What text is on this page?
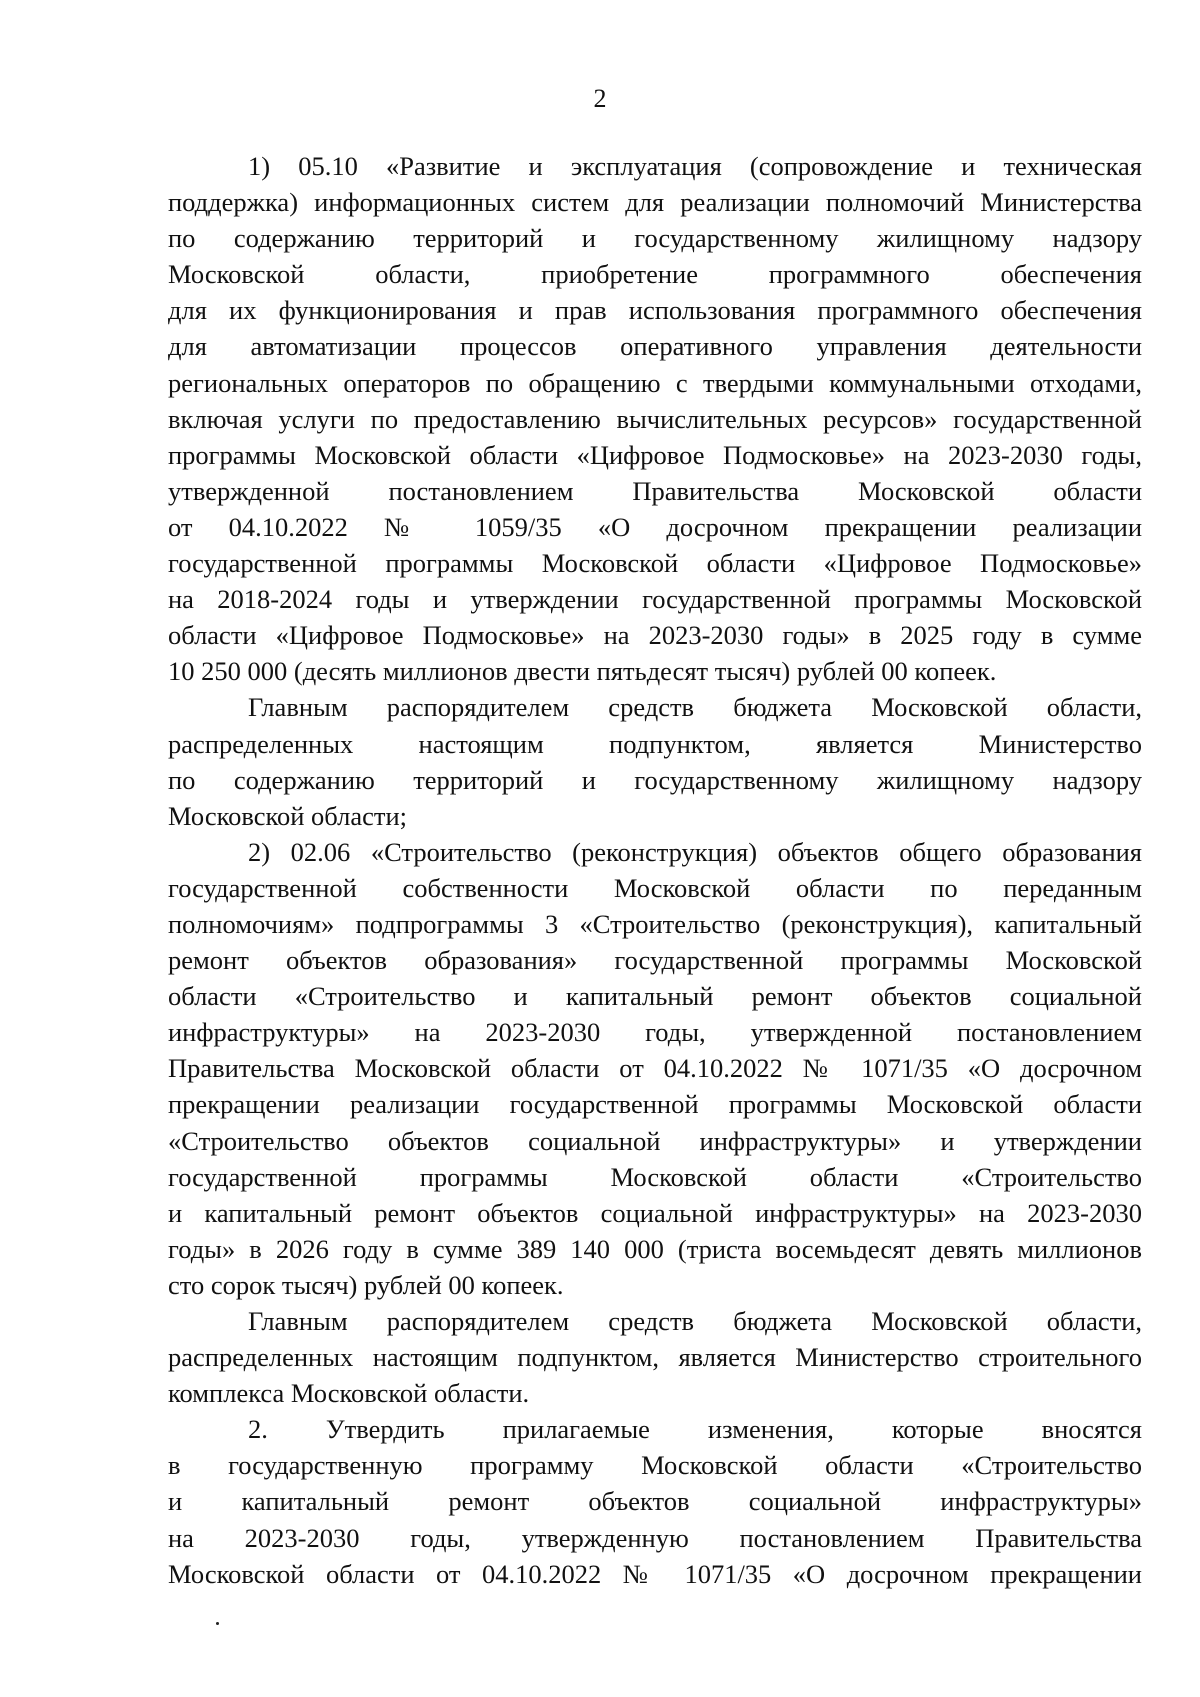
2
1) 05.10 «Развитие и эксплуатация (сопровождение и техническая
поддержка) информационных систем для реализации полномочий Министерства
по содержанию территорий и государственному жилищному надзору
Московской области, приобретение программного обеспечения
для их функционирования и прав использования программного обеспечения
для автоматизации процессов оперативного управления деятельности
региональных операторов по обращению с твердыми коммунальными отходами,
включая услуги по предоставлению вычислительных ресурсов» государственной
программы Московской области «Цифровое Подмосковье» на 2023-2030 годы,
утвержденной постановлением Правительства Московской области
от 04.10.2022 № 1059/35 «О досрочном прекращении реализации
государственной программы Московской области «Цифровое Подмосковье»
на 2018-2024 годы и утверждении государственной программы Московской
области «Цифровое Подмосковье» на 2023-2030 годы» в 2025 году в сумме
10 250 000 (десять миллионов двести пятьдесят тысяч) рублей 00 копеек.
Главным распорядителем средств бюджета Московской области,
распределенных настоящим подпунктом, является Министерство
по содержанию территорий и государственному жилищному надзору
Московской области;
2) 02.06 «Строительство (реконструкция) объектов общего образования
государственной собственности Московской области по переданным
полномочиям» подпрограммы 3 «Строительство (реконструкция), капитальный
ремонт объектов образования» государственной программы Московской
области «Строительство и капитальный ремонт объектов социальной
инфраструктуры» на 2023-2030 годы, утвержденной постановлением
Правительства Московской области от 04.10.2022 № 1071/35 «О досрочном
прекращении реализации государственной программы Московской области
«Строительство объектов социальной инфраструктуры» и утверждении
государственной программы Московской области «Строительство
и капитальный ремонт объектов социальной инфраструктуры» на 2023-2030
годы» в 2026 году в сумме 389 140 000 (триста восемьдесят девять миллионов
сто сорок тысяч) рублей 00 копеек.
Главным распорядителем средств бюджета Московской области,
распределенных настоящим подпунктом, является Министерство строительного
комплекса Московской области.
2. Утвердить прилагаемые изменения, которые вносятся
в государственную программу Московской области «Строительство
и капитальный ремонт объектов социальной инфраструктуры»
на 2023-2030 годы, утвержденную постановлением Правительства
Московской области от 04.10.2022 № 1071/35 «О досрочном прекращении
